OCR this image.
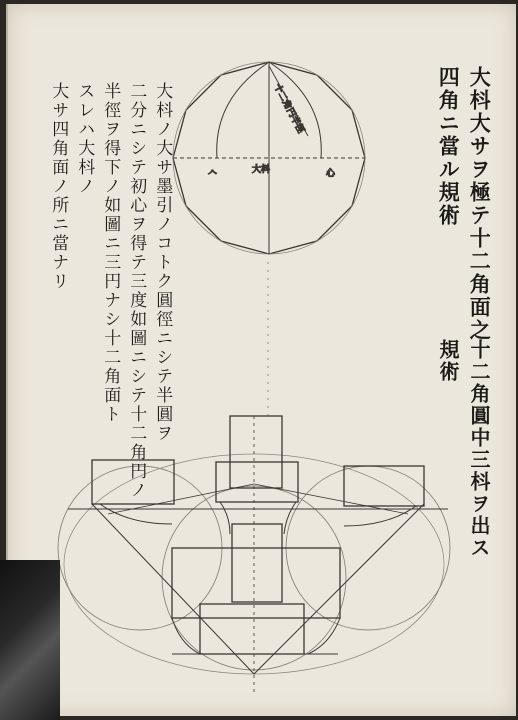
十二角円半徑
𠆢	心
大枓	大枓大サヲ極テ十二角面之
四角ニ當ル規術
十二角圓中三枓ヲ出ス
規術
大枓ノ大サ墨引ノコトク圓徑ニシテ半圓ヲ
二分ニシテ初心ヲ得テ三度如圖ニシテ十二角円ノ
半徑ヲ得下ノ如圖ニ三円ナシ十二角面ト
スレハ大枓ノ
大サ四角面ノ所ニ當ナリ
